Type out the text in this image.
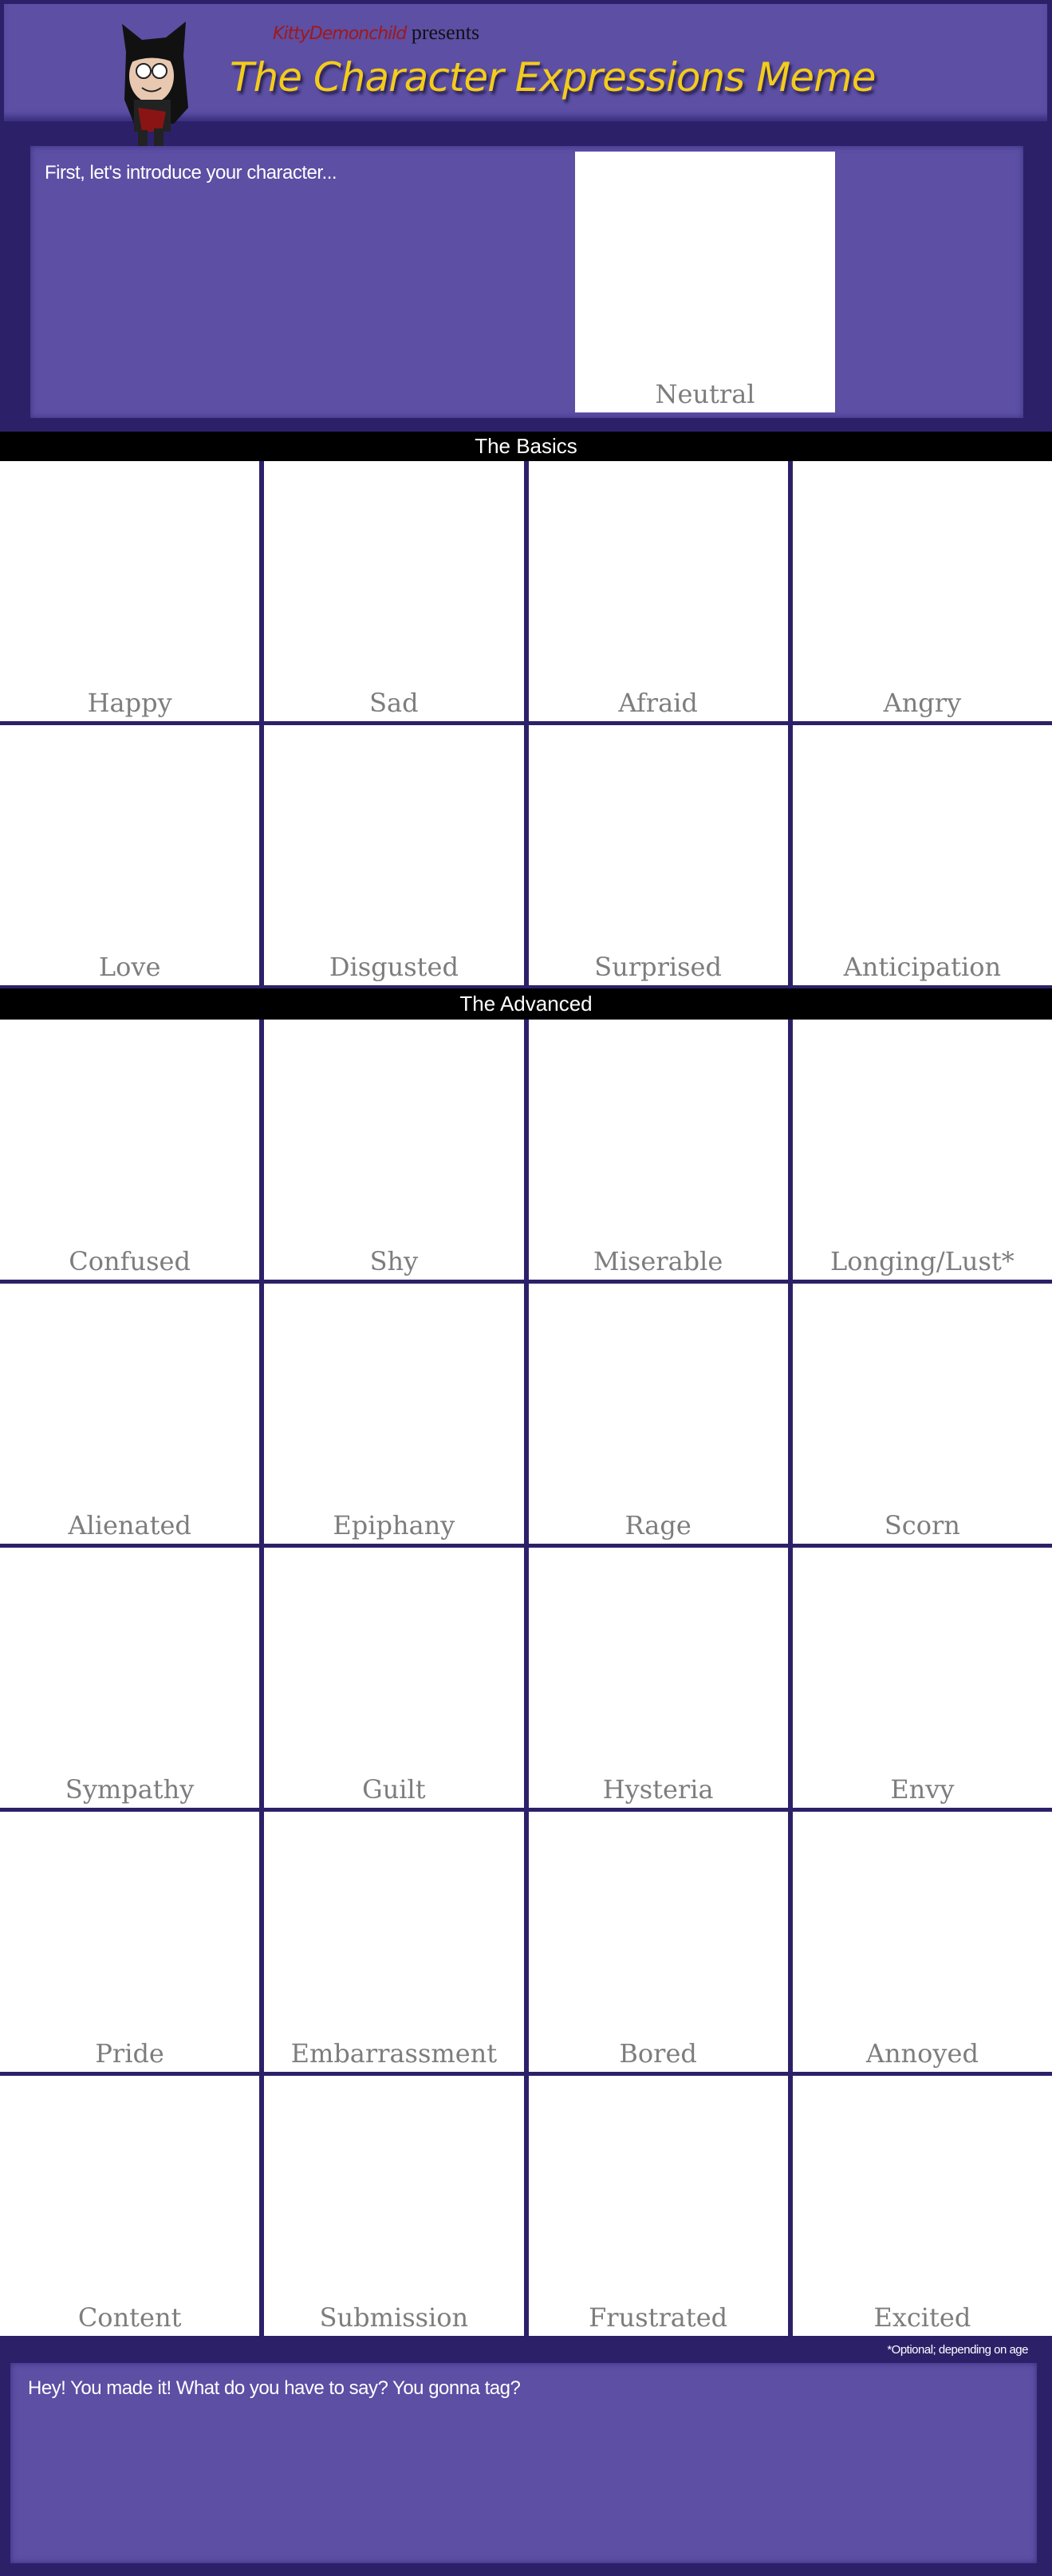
KittyDemonchild presents
The Character Expressions Meme
First, let's introduce your character...
Neutral
The Basics
Happy	Sad	Afraid	Angry
Love	Disgusted	Surprised	Anticipation
The Advanced
Confused	Shy	Miserable	Longing/Lust*
Alienated	Epiphany	Rage	Scorn
Sympathy	Guilt	Hysteria	Envy
Pride	Embarrassment	Bored	Annoyed
Content	Submission	Frustrated	Excited
*Optional; depending on age
Hey! You made it! What do you have to say? You gonna tag?
